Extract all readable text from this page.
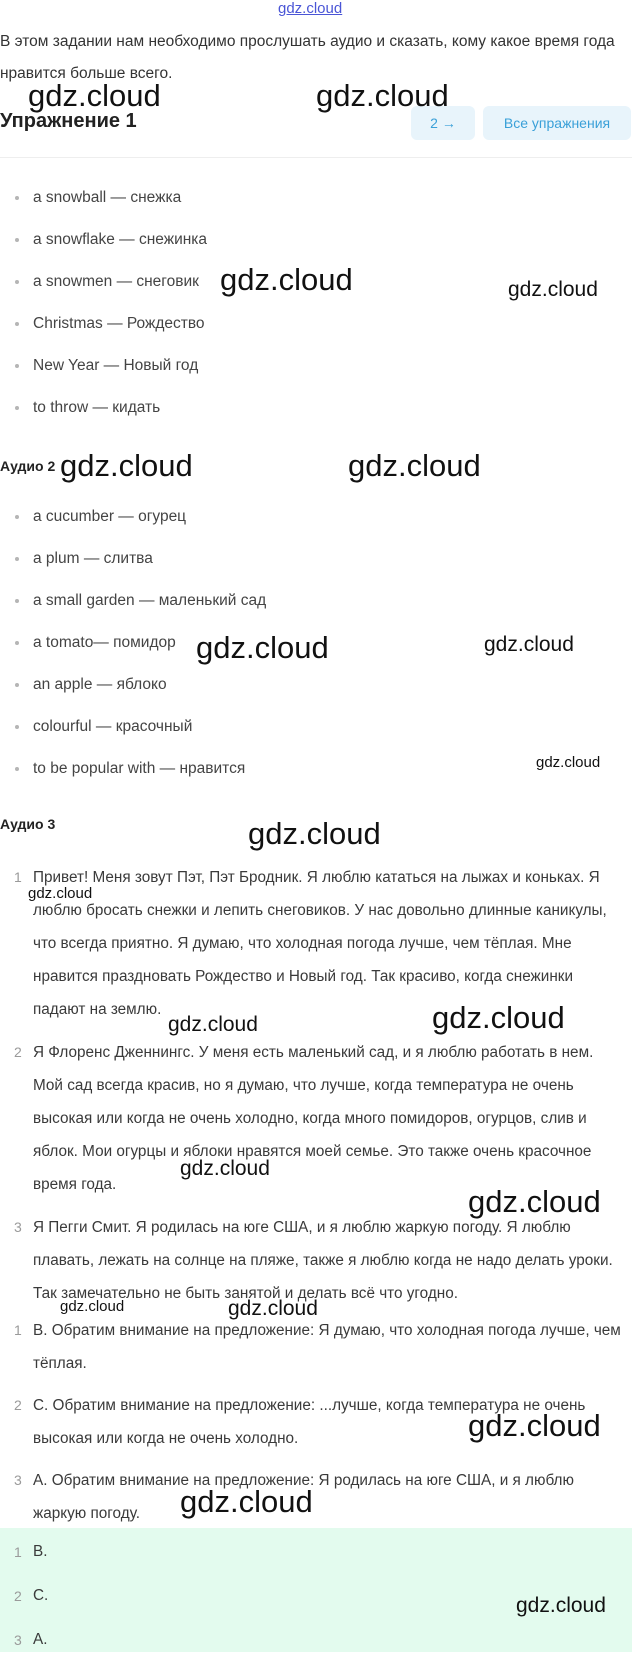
gdz.cloud

В этом задании нам необходимо прослушать аудио и сказать, кому какое время года нравится больше всего.

Упражнение 1	2 →	Все упражнения
a snowball — снежка
a snowflake — снежинка
a snowmen — снеговик
Christmas — Рождество
New Year — Новый год
to throw — кидать
Аудио 2
a cucumber — огурец
a plum — слитва
a small garden — маленький сад
a tomato— помидор
an apple — яблоко
colourful — красочный
to be popular with — нравится
Аудио 3
1 Привет! Меня зовут Пэт, Пэт Бродник. Я люблю кататься на лыжах и коньках. Я люблю бросать снежки и лепить снеговиков. У нас довольно длинные каникулы, что всегда приятно. Я думаю, что холодная погода лучше, чем тёплая. Мне нравится праздновать Рождество и Новый год. Так красиво, когда снежинки падают на землю.
2 Я Флоренс Дженнингс. У меня есть маленький сад, и я люблю работать в нем. Мой сад всегда красив, но я думаю, что лучше, когда температура не очень высокая или когда не очень холодно, когда много помидоров, огурцов, слив и яблок. Мои огурцы и яблоки нравятся моей семье. Это также очень красочное время года.
3 Я Пегги Смит. Я родилась на юге США, и я люблю жаркую погоду. Я люблю плавать, лежать на солнце на пляже, также я люблю когда не надо делать уроки. Так замечательно не быть занятой и делать всё что угодно.
1 В. Обратим внимание на предложение: Я думаю, что холодная погода лучше, чем тёплая.
2 С. Обратим внимание на предложение: ...лучше, когда температура не очень высокая или когда не очень холодно.
3 А. Обратим внимание на предложение: Я родилась на юге США, и я люблю жаркую погоду.
1 В.
2 С.
3 А.
gdz.cloud	gdz.cloud
gdz.cloud	gdz.cloud
gdz.cloud	gdz.cloud
gdz.cloud	gdz.cloud
gdz.cloud
gdz.cloud
gdz.cloud
gdz.cloud
gdz.cloud
gdz.cloud
gdz.cloud
gdz.cloud
gdz.cloud
gdz.cloud
gdz.cloud
gdz.cloud
